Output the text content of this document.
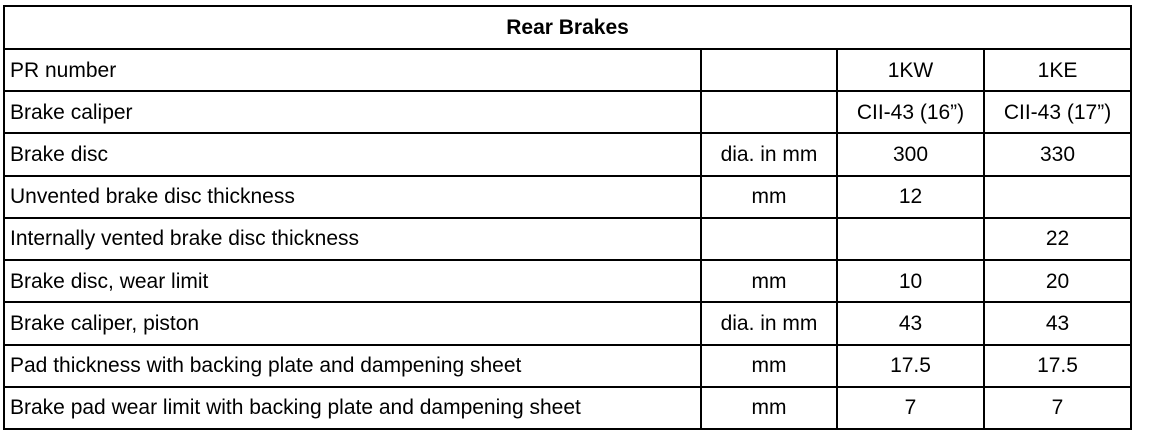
Rear Brakes			
PR number		1KW	1KE
Brake caliper		CII-43 (16”)	CII-43 (17”)
Brake disc	dia. in mm	300	330
Unvented brake disc thickness	mm	12	
Internally vented brake disc thickness			22
Brake disc, wear limit	mm	10	20
Brake caliper, piston	dia. in mm	43	43
Pad thickness with backing plate and dampening sheet	mm	17.5	17.5
Brake pad wear limit with backing plate and dampening sheet	mm	7	7
